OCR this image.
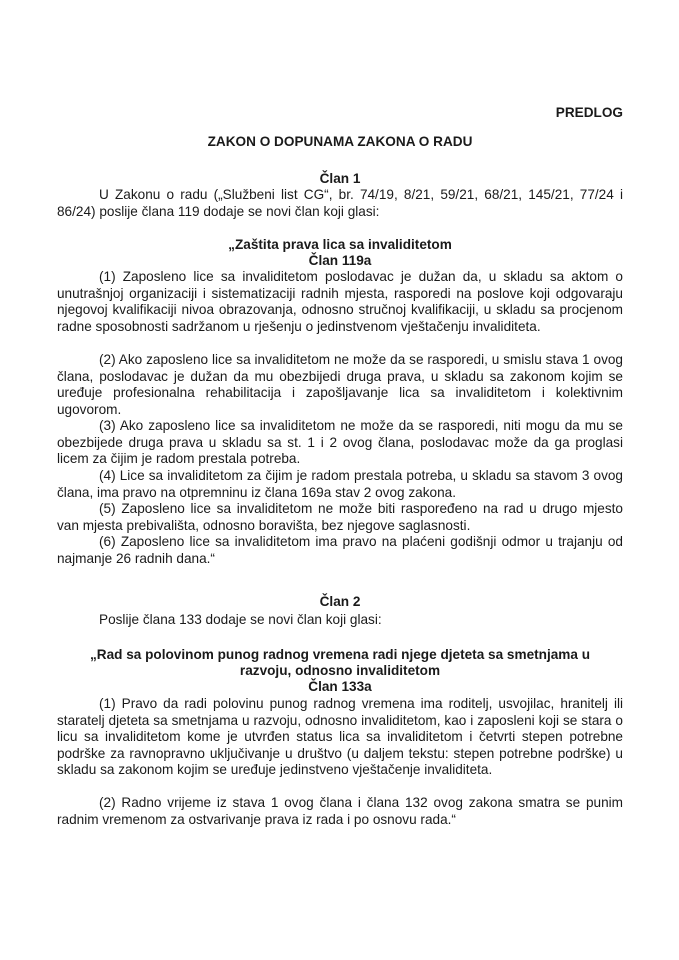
PREDLOG
ZAKON O DOPUNAMA ZAKONA O RADU
Član 1

U Zakonu o radu („Službeni list CG“, br. 74/19, 8/21, 59/21, 68/21, 145/21, 77/24 i 86/24) poslije člana 119 dodaje se novi član koji glasi:

„Zaštita prava lica sa invaliditetom
Član 119a

(1) Zaposleno lice sa invaliditetom poslodavac je dužan da, u skladu sa aktom o unutrašnjoj organizaciji i sistematizaciji radnih mjesta, rasporedi na poslove koji odgovaraju njegovoj kvalifikaciji nivoa obrazovanja, odnosno stručnoj kvalifikaciji, u skladu sa procjenom radne sposobnosti sadržanom u rješenju o jedinstvenom vještačenju invaliditeta.

(2) Ako zaposleno lice sa invaliditetom ne može da se rasporedi, u smislu stava 1 ovog člana, poslodavac je dužan da mu obezbijedi druga prava, u skladu sa zakonom kojim se uređuje profesionalna rehabilitacija i zapošljavanje lica sa invaliditetom i kolektivnim ugovorom.

(3) Ako zaposleno lice sa invaliditetom ne može da se rasporedi, niti mogu da mu se obezbijede druga prava u skladu sa st. 1 i 2 ovog člana, poslodavac može da ga proglasi licem za čijim je radom prestala potreba.

(4) Lice sa invaliditetom za čijim je radom prestala potreba, u skladu sa stavom 3 ovog člana, ima pravo na otpremninu iz člana 169a stav 2 ovog zakona.

(5) Zaposleno lice sa invaliditetom ne može biti raspoređeno na rad u drugo mjesto van mjesta prebivališta, odnosno boravišta, bez njegove saglasnosti.

(6) Zaposleno lice sa invaliditetom ima pravo na plaćeni godišnji odmor u trajanju od najmanje 26 radnih dana.“

Član 2

Poslije člana 133 dodaje se novi član koji glasi:

„Rad sa polovinom punog radnog vremena radi njege djeteta sa smetnjama u
razvoju, odnosno invaliditetom
Član 133a

(1) Pravo da radi polovinu punog radnog vremena ima roditelj, usvojilac, hranitelj ili staratelj djeteta sa smetnjama u razvoju, odnosno invaliditetom, kao i zaposleni koji se stara o licu sa invaliditetom kome je utvrđen status lica sa invaliditetom i četvrti stepen potrebne podrške za ravnopravno uključivanje u društvo (u daljem tekstu: stepen potrebne podrške) u skladu sa zakonom kojim se uređuje jedinstveno vještačenje invaliditeta.

(2) Radno vrijeme iz stava 1 ovog člana i člana 132 ovog zakona smatra se punim radnim vremenom za ostvarivanje prava iz rada i po osnovu rada.“
